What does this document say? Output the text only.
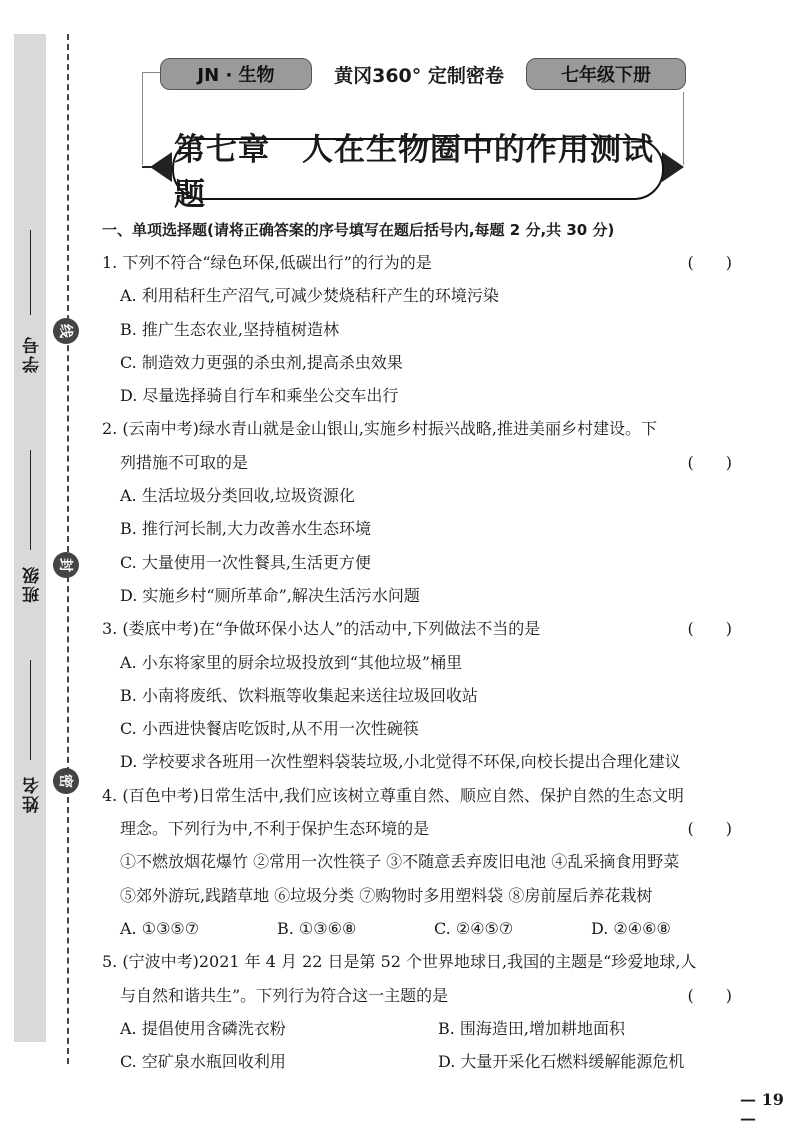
学号
班级
姓名
线
封
密
JN · 生物	黄冈360° 定制密卷	七年级下册
第七章　人在生物圈中的作用测试题
一、单项选择题(请将正确答案的序号填写在题后括号内,每题 2 分,共 30 分)
1. 下列不符合“绿色环保,低碳出行”的行为的是	(　　)
A. 利用秸秆生产沼气,可减少焚烧秸秆产生的环境污染
B. 推广生态农业,坚持植树造林
C. 制造效力更强的杀虫剂,提高杀虫效果
D. 尽量选择骑自行车和乘坐公交车出行
2. (云南中考)绿水青山就是金山银山,实施乡村振兴战略,推进美丽乡村建设。下
列措施不可取的是	(　　)
A. 生活垃圾分类回收,垃圾资源化
B. 推行河长制,大力改善水生态环境
C. 大量使用一次性餐具,生活更方便
D. 实施乡村“厕所革命”,解决生活污水问题
3. (娄底中考)在“争做环保小达人”的活动中,下列做法不当的是	(　　)
A. 小东将家里的厨余垃圾投放到“其他垃圾”桶里
B. 小南将废纸、饮料瓶等收集起来送往垃圾回收站
C. 小西进快餐店吃饭时,从不用一次性碗筷
D. 学校要求各班用一次性塑料袋装垃圾,小北觉得不环保,向校长提出合理化建议
4. (百色中考)日常生活中,我们应该树立尊重自然、顺应自然、保护自然的生态文明
理念。下列行为中,不利于保护生态环境的是	(　　)
①不燃放烟花爆竹 ②常用一次性筷子 ③不随意丢弃废旧电池 ④乱采摘食用野菜
⑤郊外游玩,践踏草地 ⑥垃圾分类 ⑦购物时多用塑料袋 ⑧房前屋后养花栽树
A. ①③⑤⑦	B. ①③⑥⑧	C. ②④⑤⑦	D. ②④⑥⑧
5. (宁波中考)2021 年 4 月 22 日是第 52 个世界地球日,我国的主题是“珍爱地球,人
与自然和谐共生”。下列行为符合这一主题的是	(　　)
A. 提倡使用含磷洗衣粉	B. 围海造田,增加耕地面积
C. 空矿泉水瓶回收利用	D. 大量开采化石燃料缓解能源危机
— 19 —
